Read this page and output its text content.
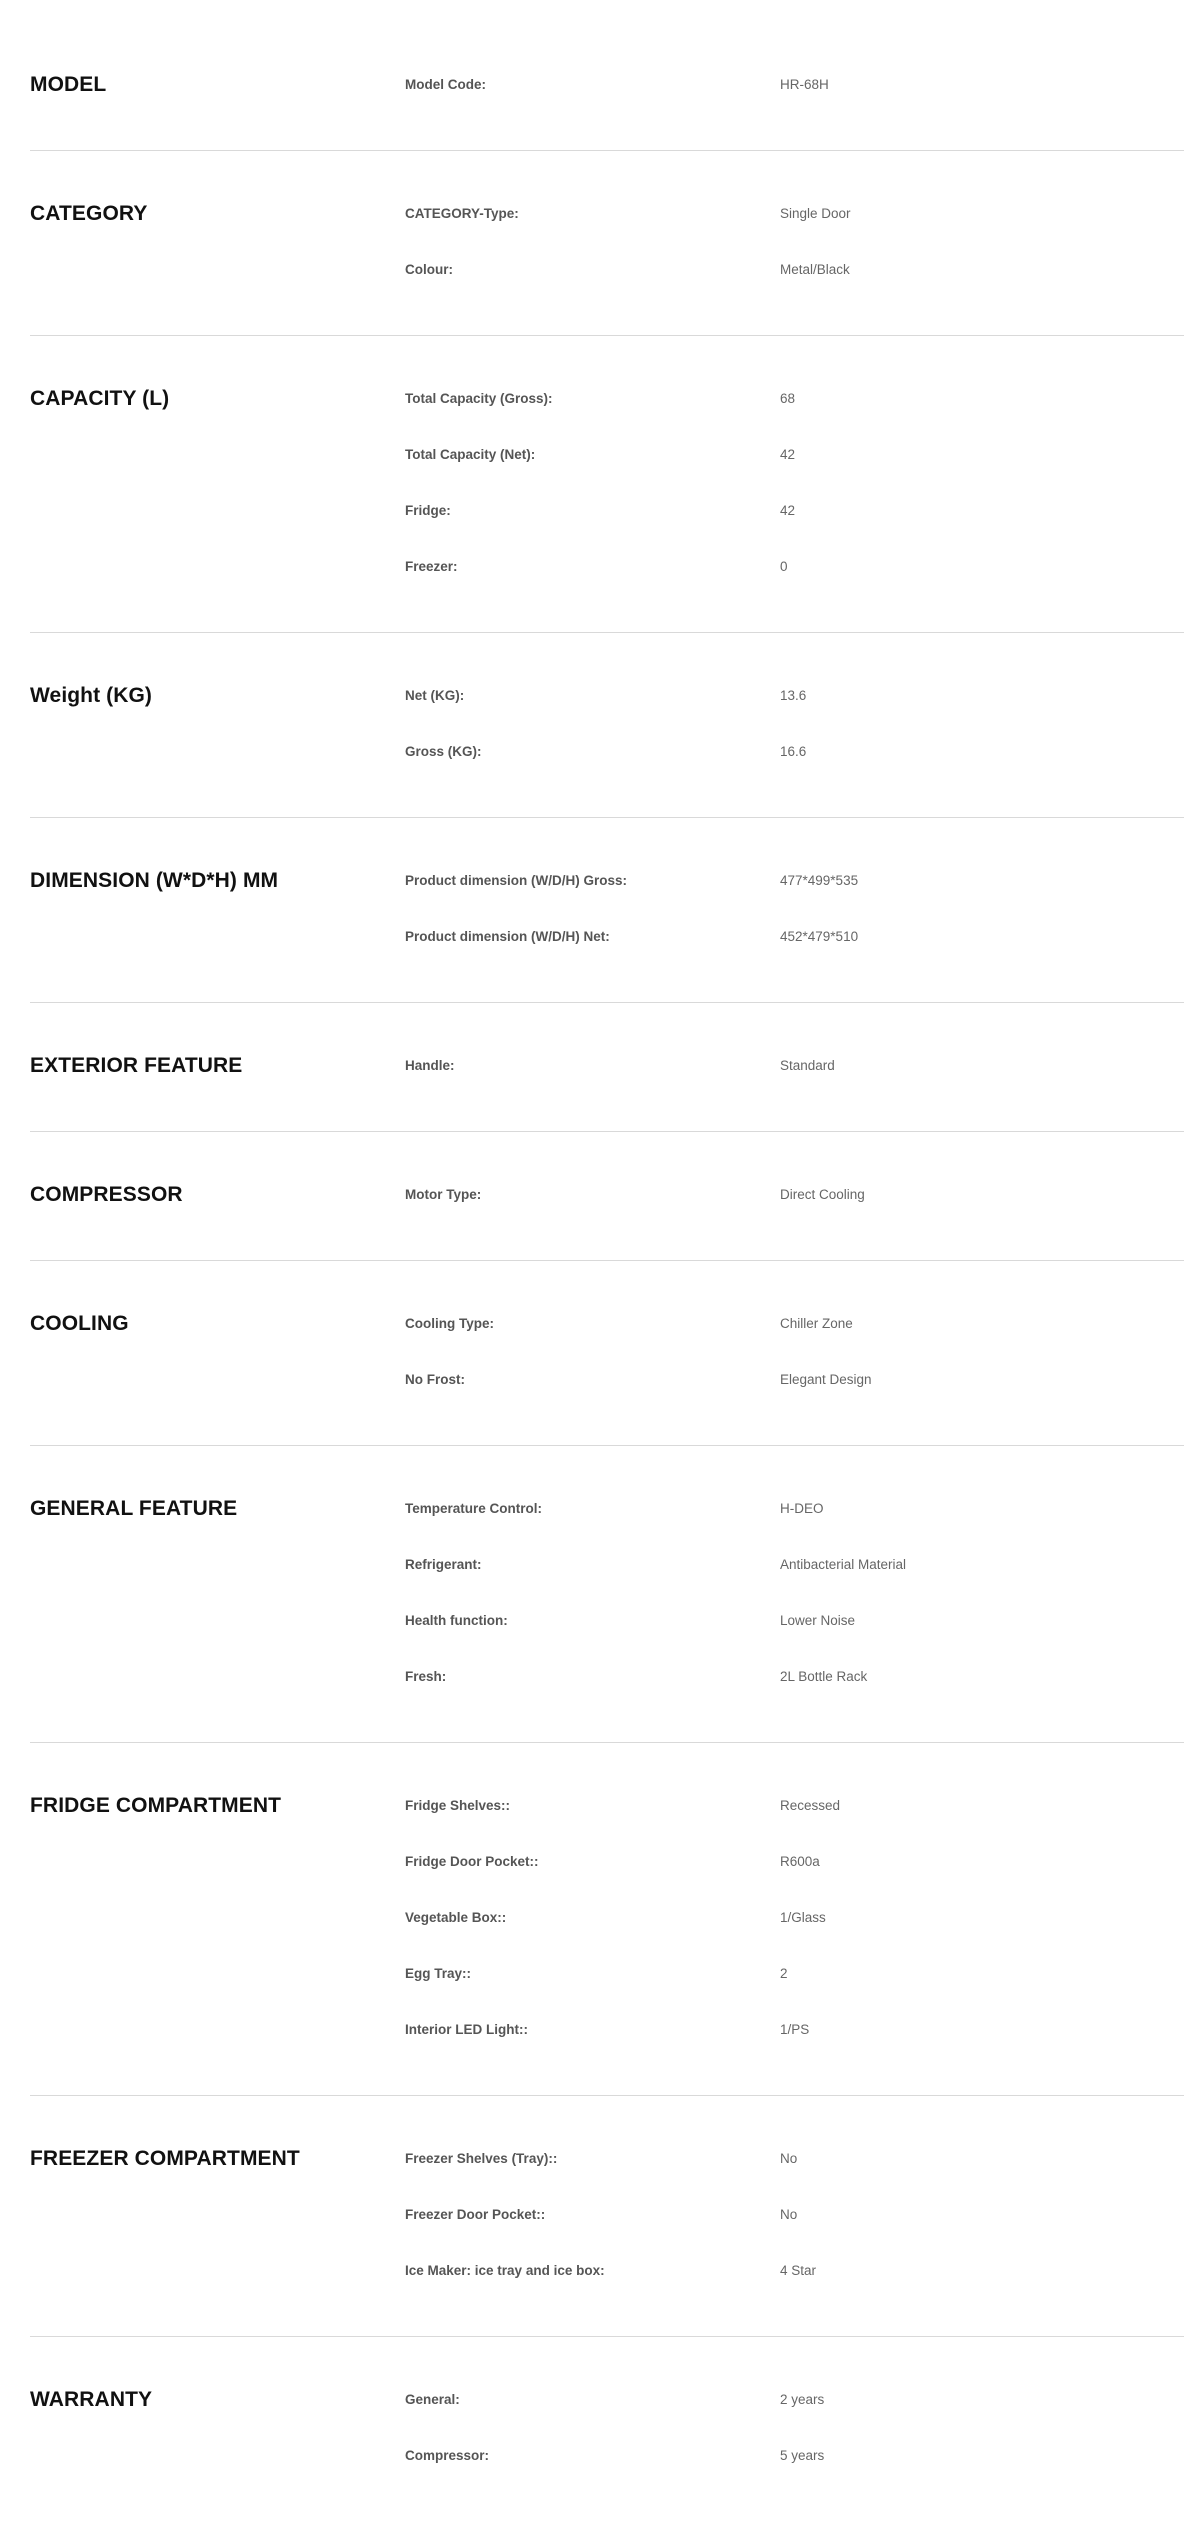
MODEL	Model Code:	HR-68H
CATEGORY	CATEGORY-Type:	Single Door
Colour:	Metal/Black
CAPACITY (L)	Total Capacity (Gross):	68
Total Capacity (Net):	42
Fridge:	42
Freezer:	0
Weight (KG)	Net (KG):	13.6
Gross (KG):	16.6
DIMENSION (W*D*H) MM	Product dimension (W/D/H) Gross:	477*499*535
Product dimension (W/D/H) Net:	452*479*510
EXTERIOR FEATURE	Handle:	Standard
COMPRESSOR	Motor Type:	Direct Cooling
COOLING	Cooling Type:	Chiller Zone
No Frost:	Elegant Design
GENERAL FEATURE	Temperature Control:	H-DEO
Refrigerant:	Antibacterial Material
Health function:	Lower Noise
Fresh:	2L Bottle Rack
FRIDGE COMPARTMENT	Fridge Shelves::	Recessed
Fridge Door Pocket::	R600a
Vegetable Box::	1/Glass
Egg Tray::	2
Interior LED Light::	1/PS
FREEZER COMPARTMENT	Freezer Shelves (Tray)::	No
Freezer Door Pocket::	No
Ice Maker: ice tray and ice box:	4 Star
WARRANTY	General:	2 years
Compressor:	5 years
